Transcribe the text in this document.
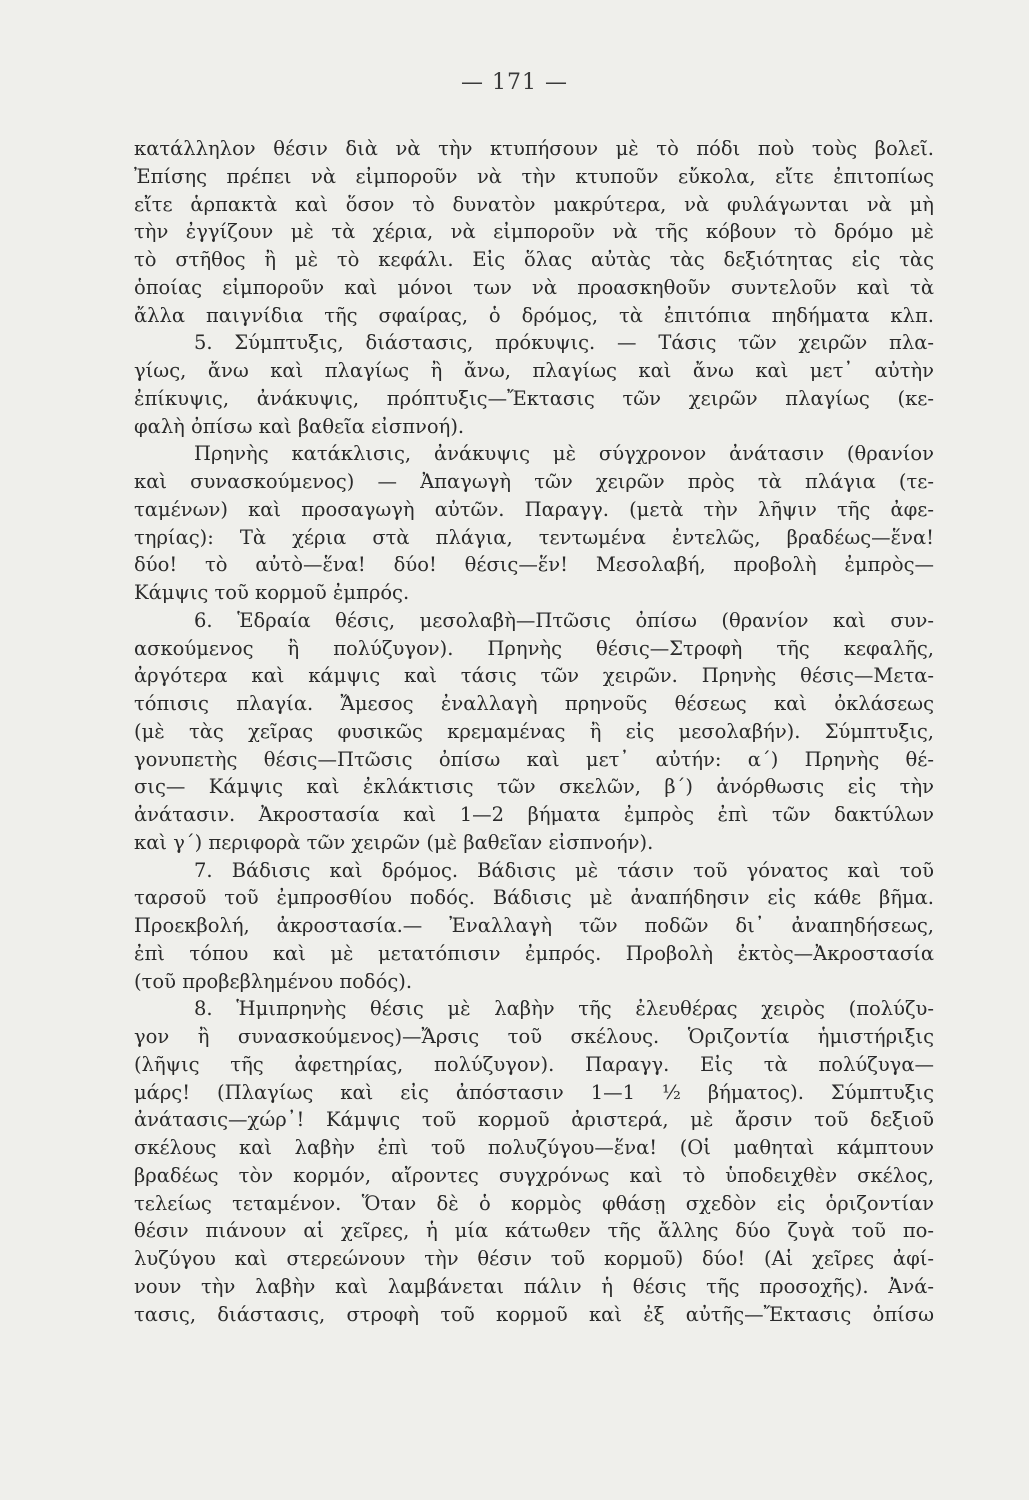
— 171 —
κατάλληλον θέσιν διὰ νὰ τὴν κτυπήσουν μὲ τὸ πόδι ποὺ τοὺς βολεῖ.
Ἐπίσης πρέπει νὰ εἰμποροῦν νὰ τὴν κτυποῦν εὔκολα, εἴτε ἐπιτοπίως
εἴτε ἁρπακτὰ καὶ ὅσον τὸ δυνατὸν μακρύτερα, νὰ φυλάγωνται νὰ μὴ
τὴν ἐγγίζουν μὲ τὰ χέρια, νὰ εἰμποροῦν νὰ τῆς κόβουν τὸ δρόμο μὲ
τὸ στῆθος ἢ μὲ τὸ κεφάλι. Εἰς ὅλας αὐτὰς τὰς δεξιότητας εἰς τὰς
ὁποίας εἰμποροῦν καὶ μόνοι των νὰ προασκηθοῦν συντελοῦν καὶ τὰ
ἄλλα παιγνίδια τῆς σφαίρας, ὁ δρόμος, τὰ ἐπιτόπια πηδήματα κλπ.
5. Σύμπτυξις, διάστασις, πρόκυψις. — Τάσις τῶν χειρῶν πλα-
γίως, ἄνω καὶ πλαγίως ἢ ἄνω, πλαγίως καὶ ἄνω καὶ μετ᾿ αὐτὴν
ἐπίκυψις, ἀνάκυψις, πρόπτυξις—Ἔκτασις τῶν χειρῶν πλαγίως (κε-
φαλὴ ὀπίσω καὶ βαθεῖα εἰσπνοή).
Πρηνὴς κατάκλισις, ἀνάκυψις μὲ σύγχρονον ἀνάτασιν (θρανίον
καὶ συνασκούμενος) — Ἀπαγωγὴ τῶν χειρῶν πρὸς τὰ πλάγια (τε-
ταμένων) καὶ προσαγωγὴ αὐτῶν. Παραγγ. (μετὰ τὴν λῆψιν τῆς ἀφε-
τηρίας): Τὰ χέρια στὰ πλάγια, τεντωμένα ἐντελῶς, βραδέως—ἕνα!
δύο! τὸ αὐτὸ—ἕνα! δύο! θέσις—ἕν! Μεσολαβή, προβολὴ ἐμπρὸς—
Κάμψις τοῦ κορμοῦ ἐμπρός.
6. Ἑδραία θέσις, μεσολαβὴ—Πτῶσις ὀπίσω (θρανίον καὶ συν-
ασκούμενος ἢ πολύζυγον). Πρηνὴς θέσις—Στροφὴ τῆς κεφαλῆς,
ἀργότερα καὶ κάμψις καὶ τάσις τῶν χειρῶν. Πρηνὴς θέσις—Μετα-
τόπισις πλαγία. Ἄμεσος ἐναλλαγὴ πρηνοῦς θέσεως καὶ ὀκλάσεως
(μὲ τὰς χεῖρας φυσικῶς κρεμαμένας ἢ εἰς μεσολαβήν). Σύμπτυξις,
γονυπετὴς θέσις—Πτῶσις ὀπίσω καὶ μετ᾿ αὐτήν: α΄) Πρηνὴς θέ-
σις— Κάμψις καὶ ἐκλάκτισις τῶν σκελῶν, β΄) ἀνόρθωσις εἰς τὴν
ἀνάτασιν. Ἀκροστασία καὶ 1—2 βήματα ἐμπρὸς ἐπὶ τῶν δακτύλων
καὶ γ΄) περιφορὰ τῶν χειρῶν (μὲ βαθεῖαν εἰσπνοήν).
7. Βάδισις καὶ δρόμος. Βάδισις μὲ τάσιν τοῦ γόνατος καὶ τοῦ
ταρσοῦ τοῦ ἐμπροσθίου ποδός. Βάδισις μὲ ἀναπήδησιν εἰς κάθε βῆμα.
Προεκβολή, ἀκροστασία.— Ἐναλλαγὴ τῶν ποδῶν δι᾿ ἀναπηδήσεως,
ἐπὶ τόπου καὶ μὲ μετατόπισιν ἐμπρός. Προβολὴ ἐκτὸς—Ἀκροστασία
(τοῦ προβεβλημένου ποδός).
8. Ἡμιπρηνὴς θέσις μὲ λαβὴν τῆς ἐλευθέρας χειρὸς (πολύζυ-
γον ἢ συνασκούμενος)—Ἄρσις τοῦ σκέλους. Ὁριζοντία ἡμιστήριξις
(λῆψις τῆς ἀφετηρίας, πολύζυγον). Παραγγ. Εἰς τὰ πολύζυγα—
μάρς! (Πλαγίως καὶ εἰς ἀπόστασιν 1—1 ½ βήματος). Σύμπτυξις
ἀνάτασις—χώρ᾿! Κάμψις τοῦ κορμοῦ ἀριστερά, μὲ ἄρσιν τοῦ δεξιοῦ
σκέλους καὶ λαβὴν ἐπὶ τοῦ πολυζύγου—ἕνα! (Οἱ μαθηταὶ κάμπτουν
βραδέως τὸν κορμόν, αἴροντες συγχρόνως καὶ τὸ ὑποδειχθὲν σκέλος,
τελείως τεταμένον. Ὅταν δὲ ὁ κορμὸς φθάσῃ σχεδὸν εἰς ὁριζοντίαν
θέσιν πιάνουν αἱ χεῖρες, ἡ μία κάτωθεν τῆς ἄλλης δύο ζυγὰ τοῦ πο-
λυζύγου καὶ στερεώνουν τὴν θέσιν τοῦ κορμοῦ) δύο! (Αἱ χεῖρες ἀφί-
νουν τὴν λαβὴν καὶ λαμβάνεται πάλιν ἡ θέσις τῆς προσοχῆς). Ἀνά-
τασις, διάστασις, στροφὴ τοῦ κορμοῦ καὶ ἐξ αὐτῆς—Ἔκτασις ὀπίσω
